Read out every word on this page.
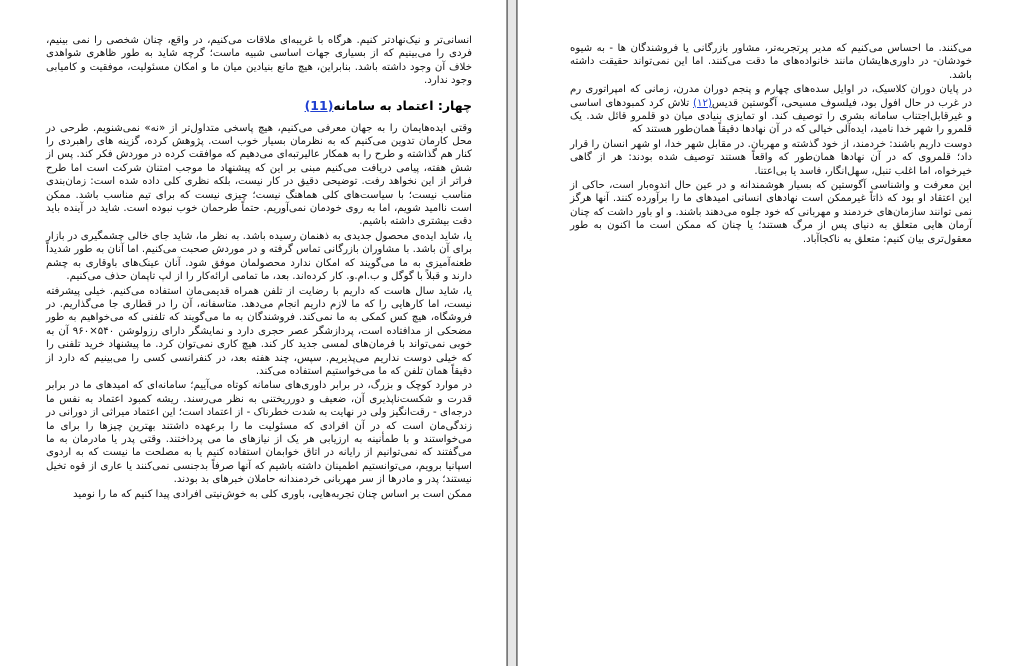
انسانی‌تر و نیک‌نهادتر کنیم. هرگاه با غریبه‌ای ملاقات می‌کنیم، در واقع، چنان شخصی را نمی بینیم، فردی را می‌بینیم که از بسیاری جهات اساسی شبیه ماست؛ گرچه شاید به طور ظاهری شواهدی خلاف آن وجود داشته باشد. بنابراین، هیچ مانع بنیادین میان ما و امکان مسئولیت، موفقیت و کامیابی وجود ندارد.

چهار: اعتماد به سامانه(11)

وقتی ایده‌هایمان را به جهان معرفی می‌کنیم، هیچ پاسخی متداول‌تر از «نه» نمی‌شنویم. طرحی در محل کارمان تدوین می‌کنیم که به نظرمان بسیار خوب است. پژوهش کرده، گزینه های راهبردی را کنار هم گذاشته و طرح را به همکار عالیرتبه‌ای می‌دهیم که موافقت کرده در موردش فکر کند. پس از شش هفته، پیامی دریافت می‌کنیم مبنی بر این که پیشنهاد ما موجب امتنان شرکت است اما طرح فراتر از این نخواهد رفت. توضیحی دقیق در کار نیست، بلکه نظری کلی داده شده است: زمان‌بندی مناسب نیست؛ با سیاست‌های کلی هماهنگ نیست؛ چیزی نیست که برای تیم مناسب باشد. ممکن است ناامید شویم، اما به روی خودمان نمی‌آوریم. حتماً طرحمان خوب نبوده است. شاید در آینده باید دقت بیشتری داشته باشیم.

یا، شاید ایده‌ی محصول جدیدی به ذهنمان رسیده باشد. به نظر ما، شاید جای خالی چشمگیری در بازار برای آن باشد. با مشاوران بازرگانی تماس گرفته و در موردش صحبت می‌کنیم. اما آنان به طور شدیداً طعنه‌آمیزی به ما می‌گویند که امکان ندارد محصولمان موفق شود. آنان عینک‌های باوقاری به چشم دارند و قبلاً با گوگل و ب.ام.و. کار کرده‌اند. بعد، ما تمامی ارائه‌کار را از لپ تاپمان حذف می‌کنیم.

یا، شاید سال هاست که داریم با رضایت از تلفن همراه قدیمی‌مان استفاده می‌کنیم. خیلی پیشرفته نیست، اما کارهایی را که ما لازم داریم انجام می‌دهد. متاسفانه، آن را در قطاری جا می‌گذاریم. در فروشگاه، هیچ کس کمکی به ما نمی‌کند. فروشندگان به ما می‌گویند که تلفنی که می‌خواهیم به طور مضحکی از مدافتاده است، پردازشگر عصر حجری دارد و نمایشگر دارای رزولوشن ۵۴۰×۹۶۰ آن به خوبی نمی‌تواند با فرمان‌های لمسی جدید کار کند. هیچ کاری نمی‌توان کرد. ما پیشنهاد خرید تلفنی را که خیلی دوست نداریم می‌پذیریم. سپس، چند هفته بعد، در کنفرانسی کسی را می‌بینیم که دارد از دقیقاً همان تلفن که ما می‌خواستیم استفاده می‌کند.

در موارد کوچک و بزرگ، در برابر داوری‌های سامانه کوتاه می‌آییم؛ سامانه‌ای که امیدهای ما در برابر قدرت و شکست‌ناپذیری آن، ضعیف و دورریختنی به نظر می‌رسند. ریشه کمبود اعتماد به نفس ما درجه‌ای - رقت‌انگیز ولی در نهایت به شدت خطرناک - از اعتماد است؛ این اعتماد میراثی از دورانی در زندگی‌مان است که در آن افرادی که مسئولیت ما را برعهده داشتند بهترین چیزها را برای ما می‌خواستند و با طمأنینه به ارزیابی هر یک از نیازهای ما می پرداختند. وقتی پدر یا مادرمان به ما می‌گفتند که نمی‌توانیم از رایانه در اتاق خوابمان استفاده کنیم یا به مصلحت ما نیست که به اردوی اسپانیا برویم، می‌توانستیم اطمینان داشته باشیم که آنها صرفاً بدجنسی نمی‌کنند یا عاری از قوه تخیل نیستند؛ پدر و مادرها از سر مهربانی خردمندانه حاملان خبرهای بد بودند.

ممکن است بر اساس چنان تجربه‌هایی، باوری کلی به خوش‌نیتی افرادی پیدا کنیم که ما را نومید

می‌کنند. ما احساس می‌کنیم که مدیر پرتجربه‌تر، مشاور بازرگانی یا فروشندگان ها - به شیوه خودشان- در داوری‌هایشان مانند خانواده‌های ما دقت می‌کنند. اما این نمی‌تواند حقیقت داشته باشد.

در پایان دوران کلاسیک، در اوایل سده‌های چهارم و پنجم دوران مدرن، زمانی که امپراتوری رم در غرب در حال افول بود، فیلسوف مسیحی، آگوستین قدیس(۱۲) تلاش کرد کمبودهای اساسی و غیرقابل‌اجتناب سامانه بشری را توصیف کند. او تمایزی بنیادی میان دو قلمرو قائل شد. یک قلمرو را شهر خدا نامید، ایده‌آلی خیالی که در آن نهادها دقیقاً همان‌طور هستند که

دوست داریم باشند: خردمند، از خود گذشته و مهربان. در مقابل شهر خدا، او شهر انسان را قرار داد؛ قلمروی که در آن نهادها همان‌طور که واقعاً هستند توصیف شده بودند: هر از گاهی خیرخواه، اما اغلب تنبل، سهل‌انگار، فاسد یا بی‌اعتنا.

این معرفت و واشناسی آگوستین که بسیار هوشمندانه و در عین حال اندوه‌بار است، حاکی از این اعتقاد او بود که ذاتاً غیرممکن است نهادهای انسانی امیدهای ما را برآورده کنند. آنها هرگز نمی توانند سازمان‌های خردمند و مهربانی که خود جلوه می‌دهند باشند. و او باور داشت که چنان آرمان هایی متعلق به دنیای پس از مرگ هستند؛ یا چنان که ممکن است ما اکنون به طور معقول‌تری بیان کنیم: متعلق به ناکجاآباد.
